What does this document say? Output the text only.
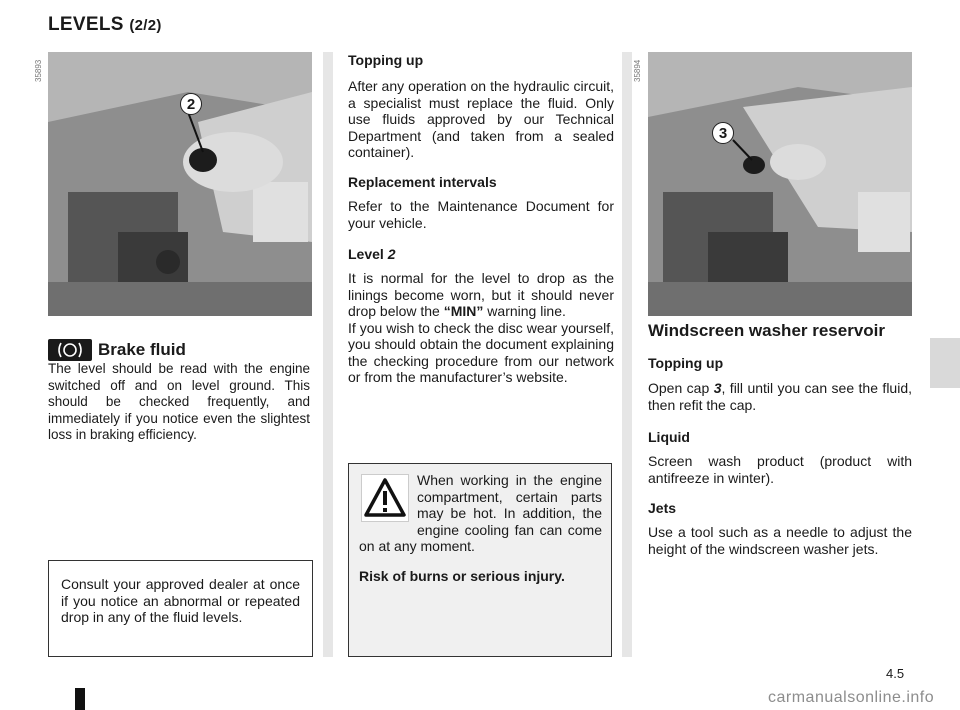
LEVELS (2/2)
35893
2
Brake fluid
The level should be read with the engine switched off and on level ground. This should be checked frequently, and immediately if you notice even the slightest loss in braking efficiency.
Consult your approved dealer at once if you notice an abnormal or repeated drop in any of the fluid levels.
Topping up
After any operation on the hydraulic circuit, a specialist must replace the fluid. Only use fluids approved by our Technical Department (and taken from a sealed container).
Replacement intervals
Refer to the Maintenance Document for your vehicle.
Level 2
It is normal for the level to drop as the linings become worn, but it should never drop below the “MIN” warning line.
If you wish to check the disc wear yourself, you should obtain the document explaining the checking procedure from our network or from the manufacturer’s website.
When working in the engine compartment, certain parts may be hot. In addition, the engine cooling fan can come on at any moment.
Risk of burns or serious injury.
35894
3
Windscreen washer reservoir
Topping up
Open cap 3, fill until you can see the fluid, then refit the cap.
Liquid
Screen wash product (product with antifreeze in winter).
Jets
Use a tool such as a needle to adjust the height of the windscreen washer jets.
4.5
carmanualsonline.info
